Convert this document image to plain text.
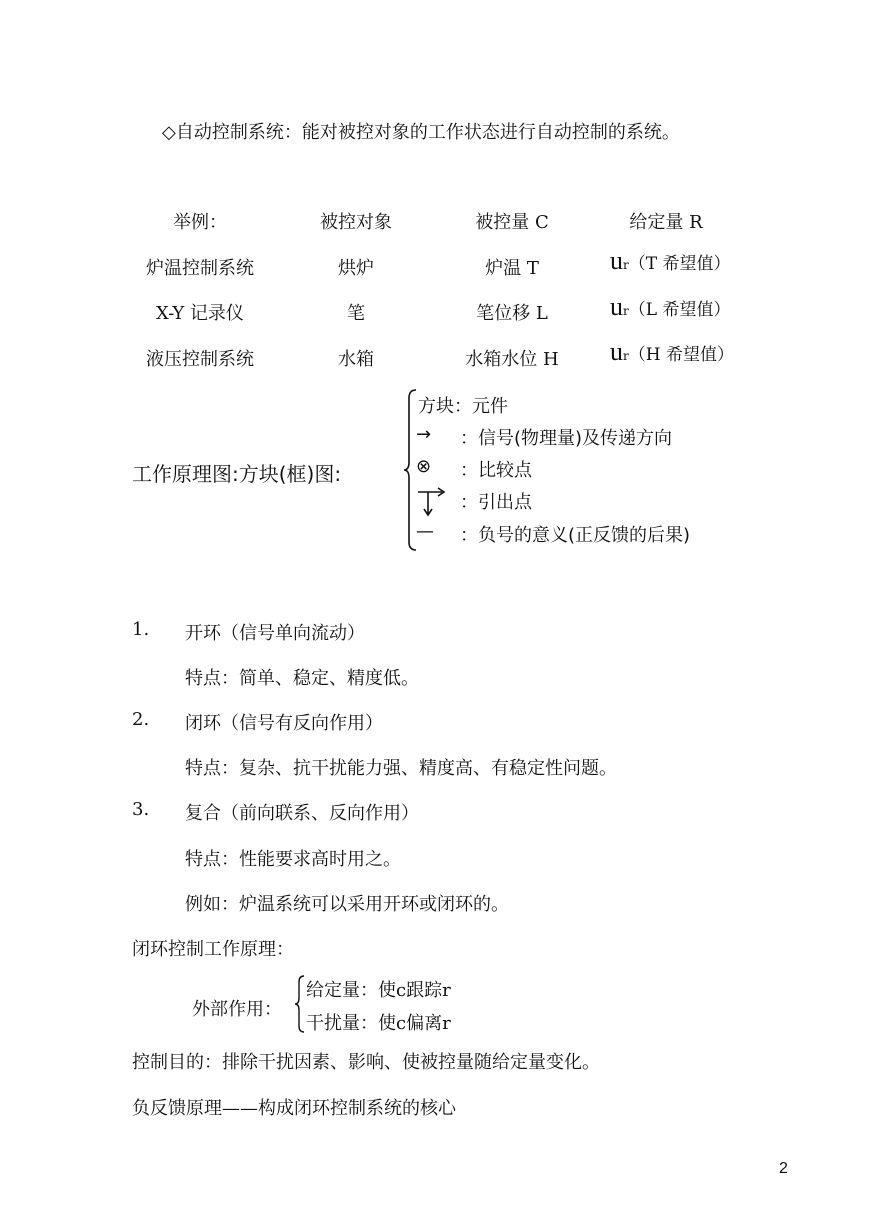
◇自动控制系统：能对被控对象的工作状态进行自动控制的系统。
举例：	被控对象	被控量 C	给定量 R
炉温控制系统	烘炉	炉温 T	ur（T 希望值）
X-Y 记录仪	笔	笔位移 L	ur（L 希望值）
液压控制系统	水箱	水箱水位 H	ur（H 希望值）
工作原理图:方块(框)图:
方块：元件
→ ：信号(物理量)及传递方向
⊗ ：比较点
：引出点
— ：负号的意义(正反馈的后果)
1. 开环（信号单向流动）
特点：简单、稳定、精度低。
2. 闭环（信号有反向作用）
特点：复杂、抗干扰能力强、精度高、有稳定性问题。
3. 复合（前向联系、反向作用）
特点：性能要求高时用之。
例如：炉温系统可以采用开环或闭环的。
闭环控制工作原理：
外部作用：
给定量：使c跟踪r
干扰量：使c偏离r
控制目的：排除干扰因素、影响、使被控量随给定量变化。
负反馈原理——构成闭环控制系统的核心
2
